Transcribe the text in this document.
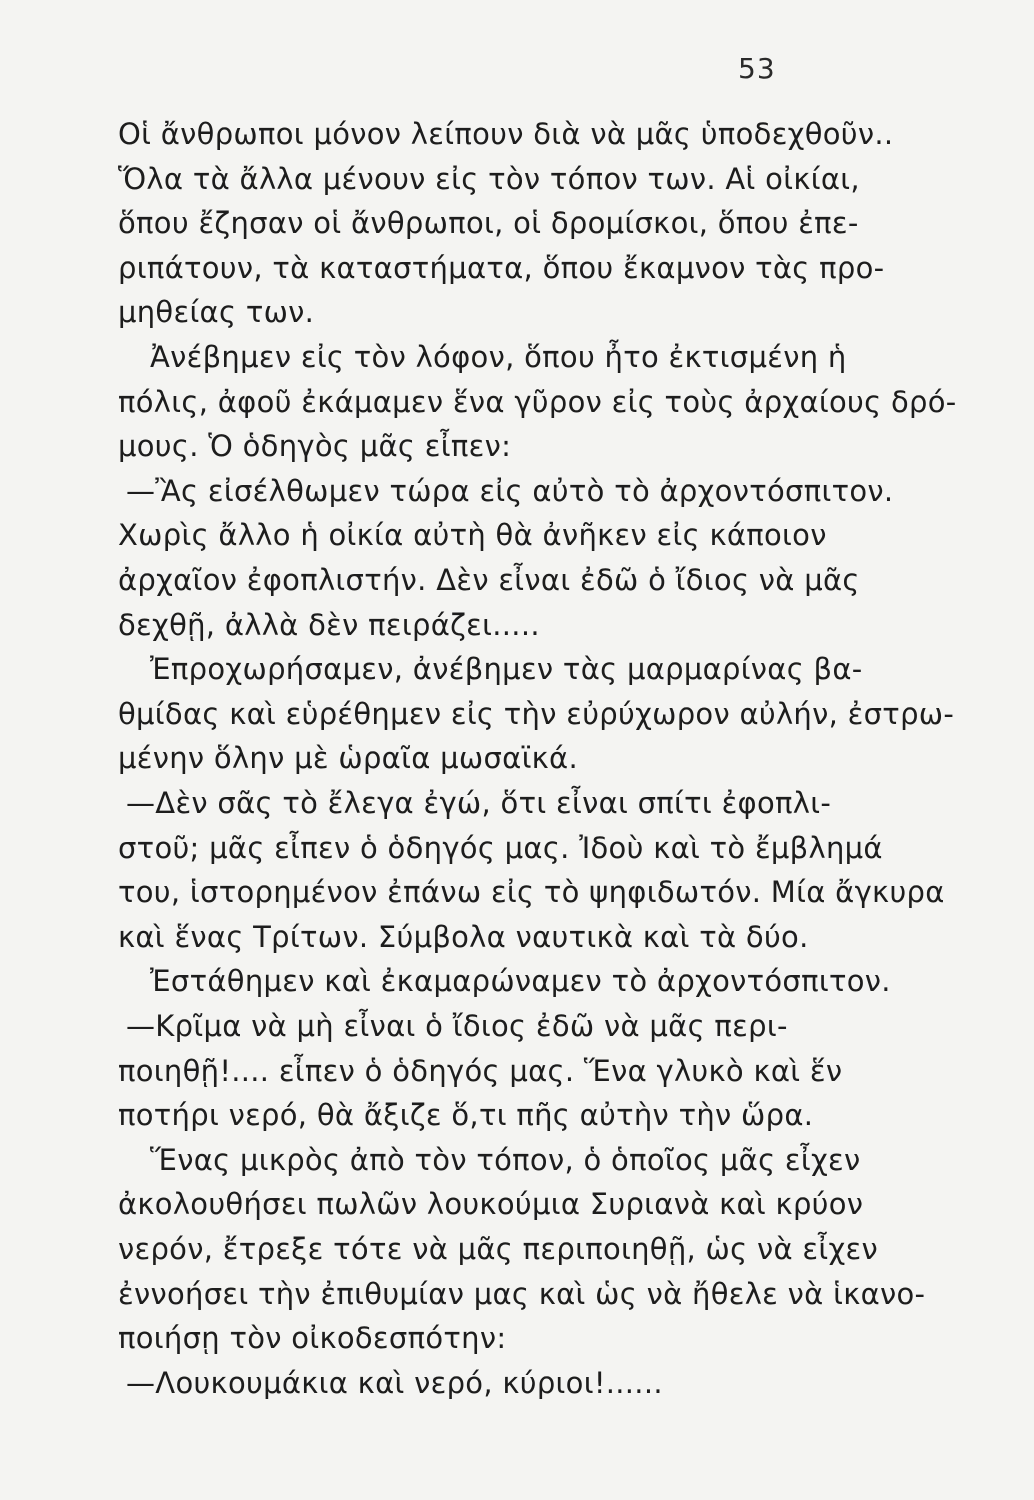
53
Οἱ ἄνθρωποι μόνον λείπουν διὰ νὰ μᾶς ὑποδεχθοῦν..
Ὅλα τὰ ἄλλα μένουν εἰς τὸν τόπον των. Αἱ οἰκίαι,
ὅπου ἔζησαν οἱ ἄνθρωποι, οἱ δρομίσκοι, ὅπου ἐπε-
ριπάτουν, τὰ καταστήματα, ὅπου ἔκαμνον τὰς προ-
μηθείας των.
Ἀνέβημεν εἰς τὸν λόφον, ὅπου ἦτο ἐκτισμένη ἡ
πόλις, ἀφοῦ ἐκάμαμεν ἕνα γῦρον εἰς τοὺς ἀρχαίους δρό-
μους. Ὁ ὁδηγὸς μᾶς εἶπεν:
—Ἂς εἰσέλθωμεν τώρα εἰς αὐτὸ τὸ ἀρχοντόσπιτον.
Χωρὶς ἄλλο ἡ οἰκία αὐτὴ θὰ ἀνῆκεν εἰς κάποιον
ἀρχαῖον ἐφοπλιστήν. Δὲν εἶναι ἐδῶ ὁ ἴδιος νὰ μᾶς
δεχθῇ, ἀλλὰ δὲν πειράζει.....
Ἐπροχωρήσαμεν, ἀνέβημεν τὰς μαρμαρίνας βα-
θμίδας καὶ εὑρέθημεν εἰς τὴν εὐρύχωρον αὐλήν, ἐστρω-
μένην ὅλην μὲ ὡραῖα μωσαϊκά.
—Δὲν σᾶς τὸ ἔλεγα ἐγώ, ὅτι εἶναι σπίτι ἐφοπλι-
στοῦ; μᾶς εἶπεν ὁ ὁδηγός μας. Ἰδοὺ καὶ τὸ ἔμβλημά
του, ἱστορημένον ἐπάνω εἰς τὸ ψηφιδωτόν. Μία ἄγκυρα
καὶ ἕνας Τρίτων. Σύμβολα ναυτικὰ καὶ τὰ δύο.
Ἐστάθημεν καὶ ἐκαμαρώναμεν τὸ ἀρχοντόσπιτον.
—Κρῖμα νὰ μὴ εἶναι ὁ ἴδιος ἐδῶ νὰ μᾶς περι-
ποιηθῇ!.... εἶπεν ὁ ὁδηγός μας. Ἕνα γλυκὸ καὶ ἕν
ποτήρι νερό, θὰ ἄξιζε ὅ,τι πῆς αὐτὴν τὴν ὥρα.
Ἕνας μικρὸς ἀπὸ τὸν τόπον, ὁ ὁποῖος μᾶς εἶχεν
ἀκολουθήσει πωλῶν λουκούμια Συριανὰ καὶ κρύον
νερόν, ἔτρεξε τότε νὰ μᾶς περιποιηθῇ, ὡς νὰ εἶχεν
ἐννοήσει τὴν ἐπιθυμίαν μας καὶ ὡς νὰ ἤθελε νὰ ἱκανο-
ποιήσῃ τὸν οἰκοδεσπότην:
—Λουκουμάκια καὶ νερό, κύριοι!......
